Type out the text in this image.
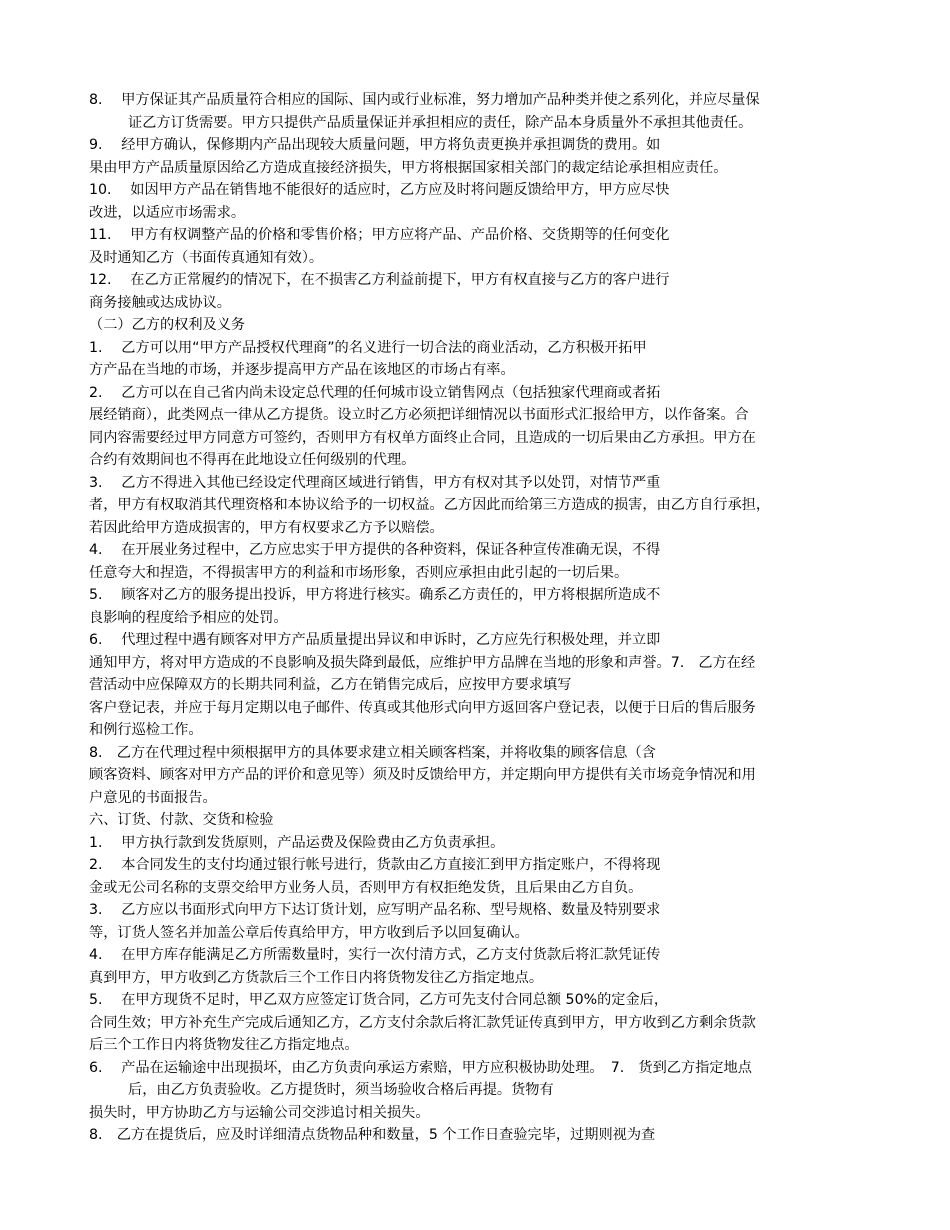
8.　 甲方保证其产品质量符合相应的国际、国内或行业标准，努力增加产品种类并使之系列化，并应尽量保
证乙方订货需要。甲方只提供产品质量保证并承担相应的责任，除产品本身质量外不承担其他责任。
9.　 经甲方确认，保修期内产品出现较大质量问题，甲方将负责更换并承担调货的费用。如
果由甲方产品质量原因给乙方造成直接经济损失，甲方将根据国家相关部门的裁定结论承担相应责任。
10.　 如因甲方产品在销售地不能很好的适应时，乙方应及时将问题反馈给甲方，甲方应尽快
改进，以适应市场需求。
11.　 甲方有权调整产品的价格和零售价格；甲方应将产品、产品价格、交货期等的任何变化
及时通知乙方（书面传真通知有效）。
12.　 在乙方正常履约的情况下，在不损害乙方利益前提下，甲方有权直接与乙方的客户进行
商务接触或达成协议。
（二）乙方的权利及义务
1.　 乙方可以用“甲方产品授权代理商”的名义进行一切合法的商业活动，乙方积极开拓甲
方产品在当地的市场，并逐步提高甲方产品在该地区的市场占有率。
2.　 乙方可以在自己省内尚未设定总代理的任何城市设立销售网点（包括独家代理商或者拓
展经销商），此类网点一律从乙方提货。设立时乙方必须把详细情况以书面形式汇报给甲方，以作备案。合
同内容需要经过甲方同意方可签约，否则甲方有权单方面终止合同，且造成的一切后果由乙方承担。甲方在
合约有效期间也不得再在此地设立任何级别的代理。
3.　 乙方不得进入其他已经设定代理商区域进行销售，甲方有权对其予以处罚，对情节严重
者，甲方有权取消其代理资格和本协议给予的一切权益。乙方因此而给第三方造成的损害，由乙方自行承担，
若因此给甲方造成损害的，甲方有权要求乙方予以赔偿。
4.　 在开展业务过程中，乙方应忠实于甲方提供的各种资料，保证各种宣传准确无误，不得
任意夸大和捏造，不得损害甲方的利益和市场形象，否则应承担由此引起的一切后果。
5.　 顾客对乙方的服务提出投诉，甲方将进行核实。确系乙方责任的，甲方将根据所造成不
良影响的程度给予相应的处罚。
6.　 代理过程中遇有顾客对甲方产品质量提出异议和申诉时，乙方应先行积极处理，并立即
通知甲方，将对甲方造成的不良影响及损失降到最低，应维护甲方品牌在当地的形象和声誉。7.　乙方在经
营活动中应保障双方的长期共同利益，乙方在销售完成后，应按甲方要求填写
客户登记表，并应于每月定期以电子邮件、传真或其他形式向甲方返回客户登记表，以便于日后的售后服务
和例行巡检工作。
8.　乙方在代理过程中须根据甲方的具体要求建立相关顾客档案，并将收集的顾客信息（含
顾客资料、顾客对甲方产品的评价和意见等）须及时反馈给甲方，并定期向甲方提供有关市场竞争情况和用
户意见的书面报告。
六、订货、付款、交货和检验
1.　 甲方执行款到发货原则，产品运费及保险费由乙方负责承担。
2.　 本合同发生的支付均通过银行帐号进行，货款由乙方直接汇到甲方指定账户，不得将现
金或无公司名称的支票交给甲方业务人员，否则甲方有权拒绝发货，且后果由乙方自负。
3.　 乙方应以书面形式向甲方下达订货计划，应写明产品名称、型号规格、数量及特别要求
等，订货人签名并加盖公章后传真给甲方，甲方收到后予以回复确认。
4.　 在甲方库存能满足乙方所需数量时，实行一次付清方式，乙方支付货款后将汇款凭证传
真到甲方，甲方收到乙方货款后三个工作日内将货物发往乙方指定地点。
5.　 在甲方现货不足时，甲乙双方应签定订货合同，乙方可先支付合同总额 50%的定金后，
合同生效；甲方补充生产完成后通知乙方，乙方支付余款后将汇款凭证传真到甲方，甲方收到乙方剩余货款
后三个工作日内将货物发往乙方指定地点。
6.　 产品在运输途中出现损坏，由乙方负责向承运方索赔，甲方应积极协助处理。　7.　货到乙方指定地点
后，由乙方负责验收。乙方提货时，须当场验收合格后再提。货物有
损失时，甲方协助乙方与运输公司交涉追讨相关损失。
8.　乙方在提货后，应及时详细清点货物品种和数量，5 个工作日查验完毕，过期则视为查
